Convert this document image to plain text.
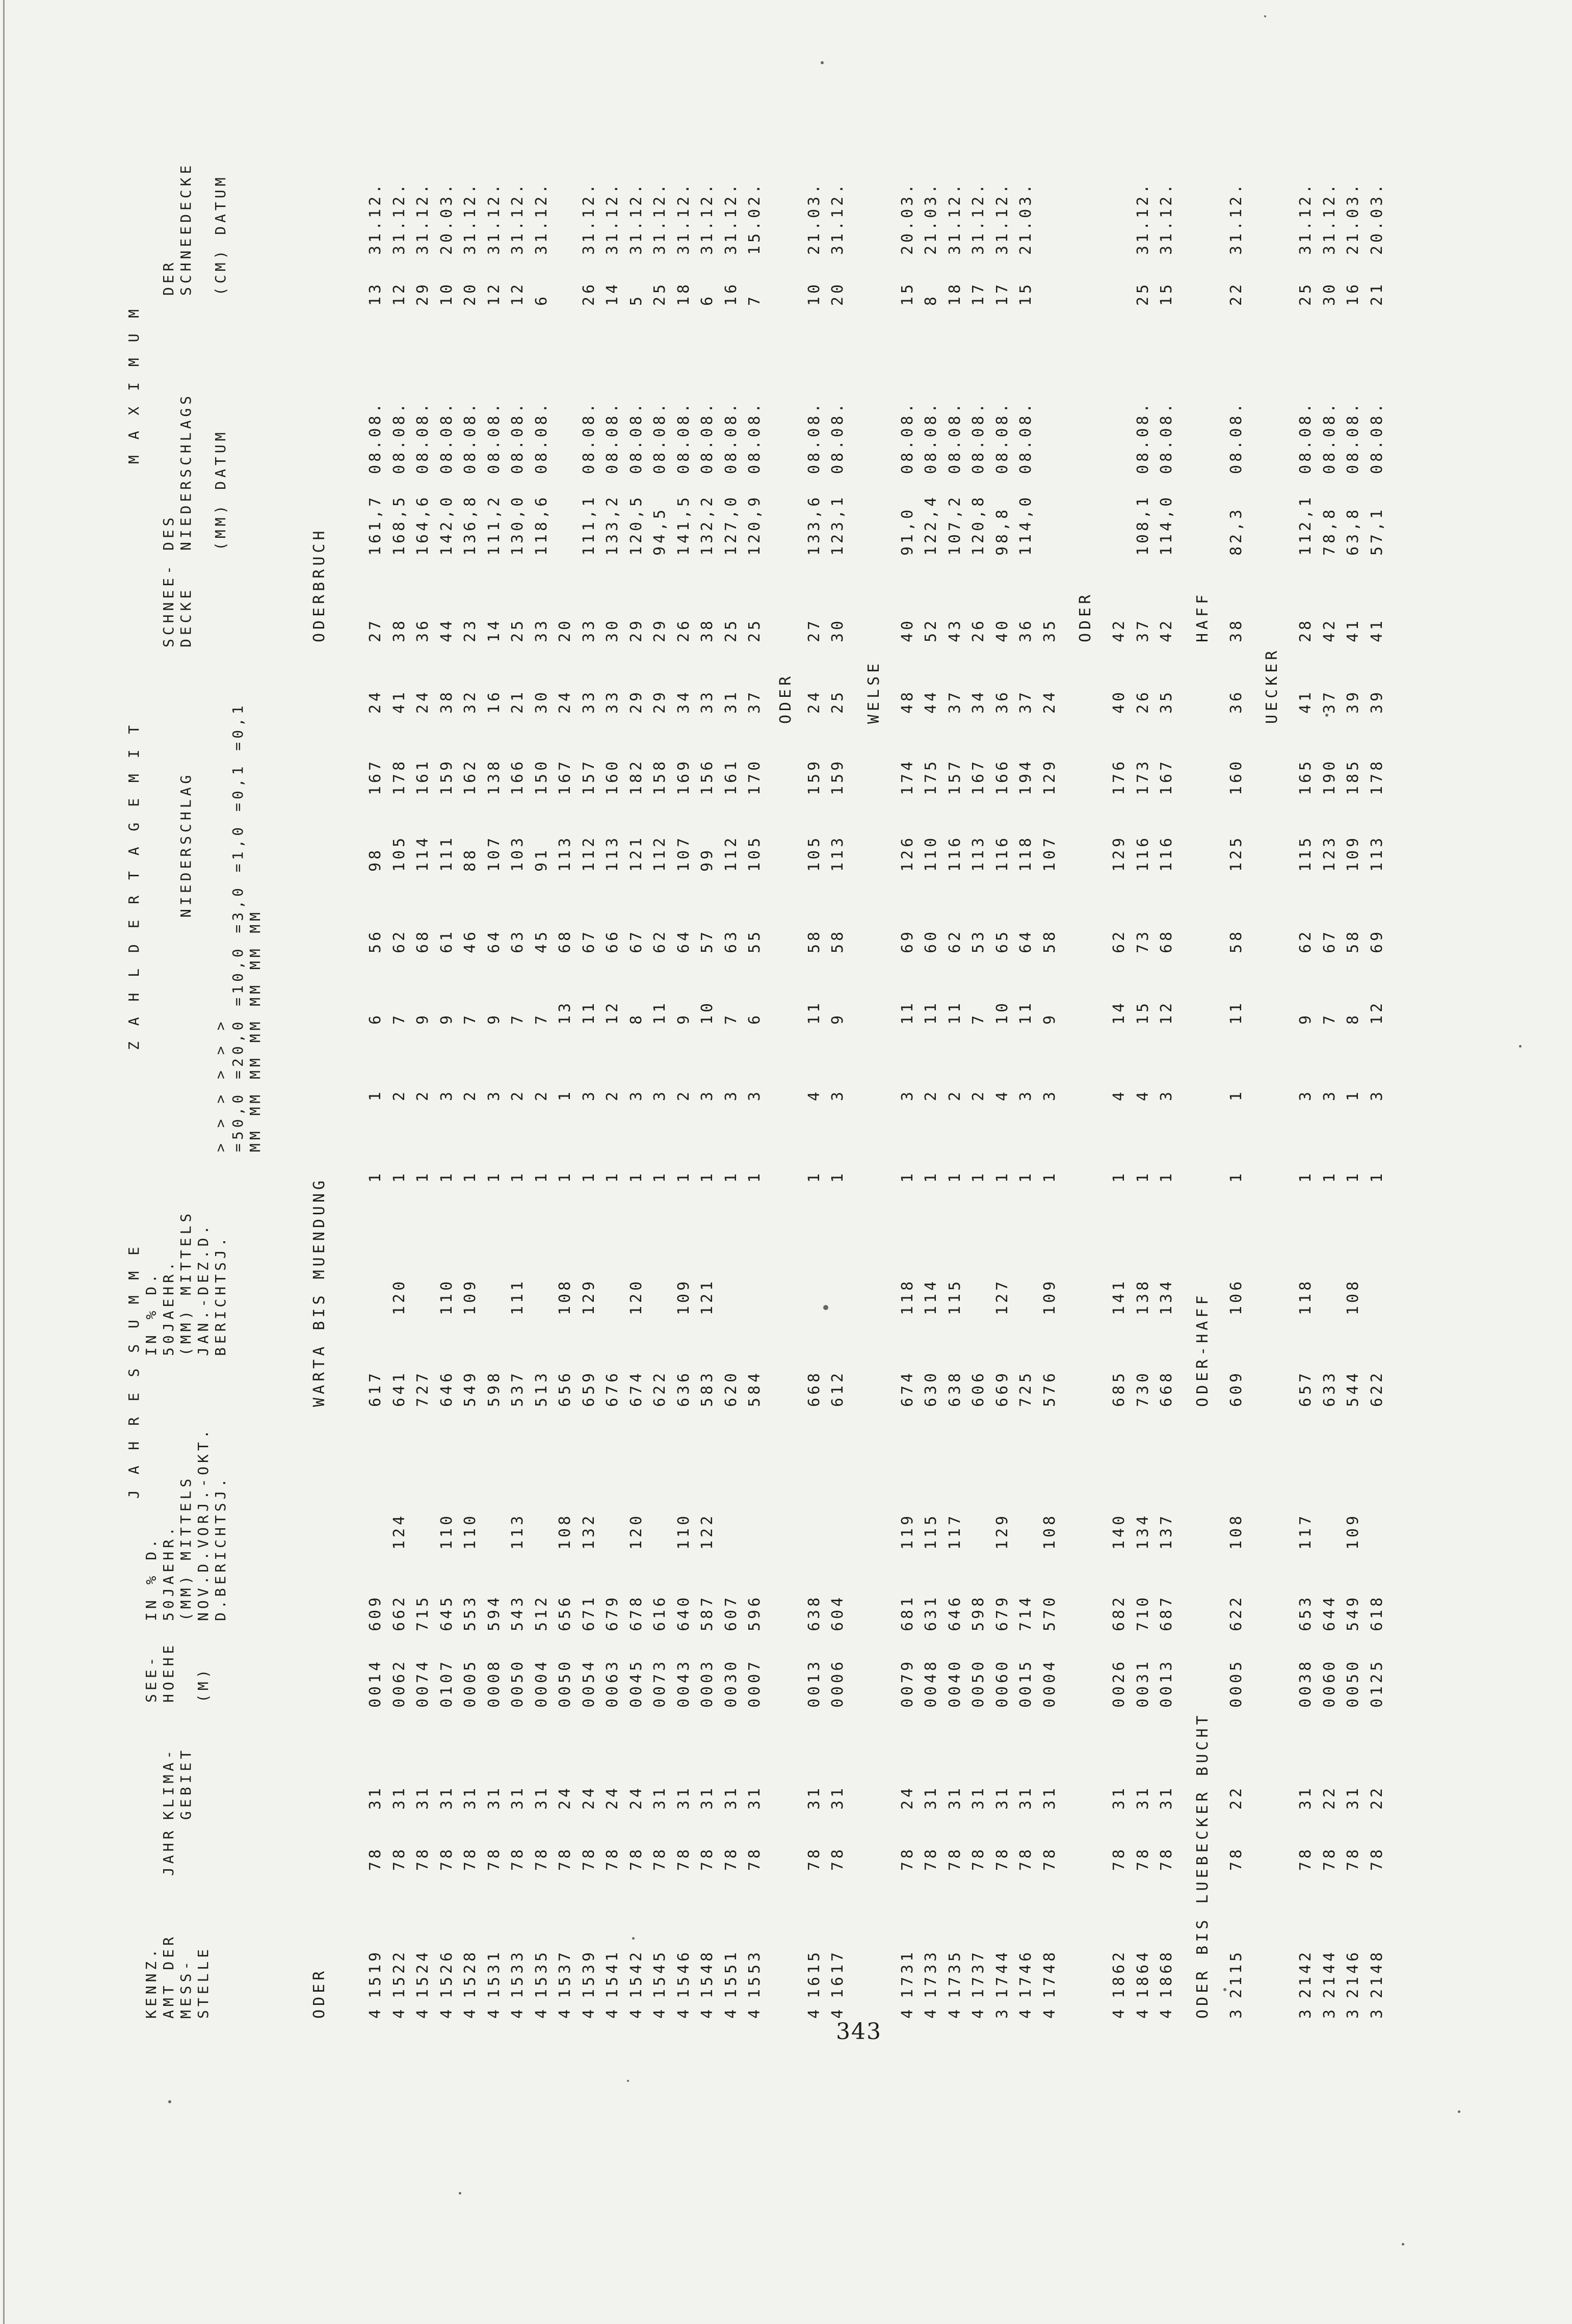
KENNZ. AMT DER MESS- STELLE
JAHR
KLIMA- GEBIET
SEE- HOEHE (M)
J A H R E S S U M M E
IN % D. 50JAEHR. (MM) MITTELS NOV.D.VORJ.-OKT. D.BERICHTSJ.
IN % D. 50JAEHR. (MM) MITTELS JAN.-DEZ.D. BERICHTSJ.
Z A H L D E R T A G E M I T NIEDERSCHLAG
SCHNEE- DECKE
> > > > > > =50,0 =20,0 =10,0 =3,0 =1,0 =0,1 =0,1 MM MM MM MM MM MM MM
M A X I M U M
DES NIEDERSCHLAGS (MM) DATUM
DER SCHNEEDECKE (CM) DATUM
ODER
WARTA BIS MUENDUNG
ODERBRUCH
4
1519
78
31
0014
609
617
1
1
6
56
98
167
24
27
161,7
08.08.
13
31.12.
4
1522
78
31
0062
662
124
641
120
1
2
7
62
105
178
41
38
168,5
08.08.
12
31.12.
4
1524
78
31
0074
715
727
1
2
9
68
114
161
24
36
164,6
08.08.
29
31.12.
4
1526
78
31
0107
645
110
646
110
1
3
9
61
111
159
38
44
142,0
08.08.
10
20.03.
4
1528
78
31
0005
553
110
549
109
1
2
7
46
88
162
32
23
136,8
08.08.
20
31.12.
4
1531
78
31
0008
594
598
1
3
9
64
107
138
16
14
111,2
08.08.
12
31.12.
4
1533
78
31
0050
543
113
537
111
1
2
7
63
103
166
21
25
130,0
08.08.
12
31.12.
4
1535
78
31
0004
512
513
1
2
7
45
91
150
30
33
118,6
08.08.
6
31.12.
4
1537
78
24
0050
656
108
656
108
1
1
13
68
113
167
24
20
4
1539
78
24
0054
671
132
659
129
1
3
11
67
112
157
33
33
111,1
08.08.
26
31.12.
4
1541
78
24
0063
679
676
1
2
12
66
113
160
33
30
133,2
08.08.
14
31.12.
4
1542
78
24
0045
678
120
674
120
1
3
8
67
121
182
29
29
120,5
08.08.
5
31.12.
4
1545
78
31
0073
616
622
1
3
11
62
112
158
29
29
94,5
08.08.
25
31.12.
4
1546
78
31
0043
640
110
636
109
1
2
9
64
107
169
34
26
141,5
08.08.
18
31.12.
4
1548
78
31
0003
587
122
583
121
1
3
10
57
99
156
33
38
132,2
08.08.
6
31.12.
4
1551
78
31
0030
607
620
1
3
7
63
112
161
31
25
127,0
08.08.
16
31.12.
4
1553
78
31
0007
596
584
1
3
6
55
105
170
37
25
120,9
08.08.
7
15.02.
ODER
4
1615
78
31
0013
638
668
1
4
11
58
105
159
24
27
133,6
08.08.
10
21.03.
4
1617
78
31
0006
604
612
1
3
9
58
113
159
25
30
123,1
08.08.
20
31.12.
WELSE
4
1731
78
24
0079
681
119
674
118
1
3
11
69
126
174
48
40
91,0
08.08.
15
20.03.
4
1733
78
31
0048
631
115
630
114
1
2
11
60
110
175
44
52
122,4
08.08.
8
21.03.
4
1735
78
31
0040
646
117
638
115
1
2
11
62
116
157
37
43
107,2
08.08.
18
31.12.
4
1737
78
31
0050
598
606
1
2
7
53
113
167
34
26
120,8
08.08.
17
31.12.
3
1744
78
31
0060
679
129
669
127
1
4
10
65
116
166
36
40
98,8
08.08.
17
31.12.
4
1746
78
31
0015
714
725
1
3
11
64
118
194
37
36
114,0
08.08.
15
21.03.
4
1748
78
31
0004
570
108
576
109
1
3
9
58
107
129
24
35 ODER
4
1862
78
31
0026
682
140
685
141
1
4
14
62
129
176
40
42
4
1864
78
31
0031
710
134
730
138
1
4
15
73
116
173
26
37
108,1
08.08.
25
31.12.
4
1868
78
31
0013
687
137
668
134
1
3
12
68
116
167
35
42
114,0
08.08.
15
31.12.
ODER BIS LUEBECKER BUCHT
ODER-HAFF
HAFF
3
2115
78
22
0005
622
108
609
106
1
1
11
58
125
160
36
38
82,3
08.08.
22
31.12.
UECKER
3
2142
78
31
0038
653
117
657
118
1
3
9
62
115
165
41
28
112,1
08.08.
25
31.12.
3
2144
78
22
0060
644
633
1
3
7
67
123
190
37
42
78,8
08.08.
30
31.12.
3
2146
78
31
0050
549
109
544
108
1
1
8
58
109
185
39
41
63,8
08.08.
16
21.03.
3
2148
78
22
0125
618
622
1
3
12
69
113
178
39
41
57,1
08.08.
21
20.03.
343
